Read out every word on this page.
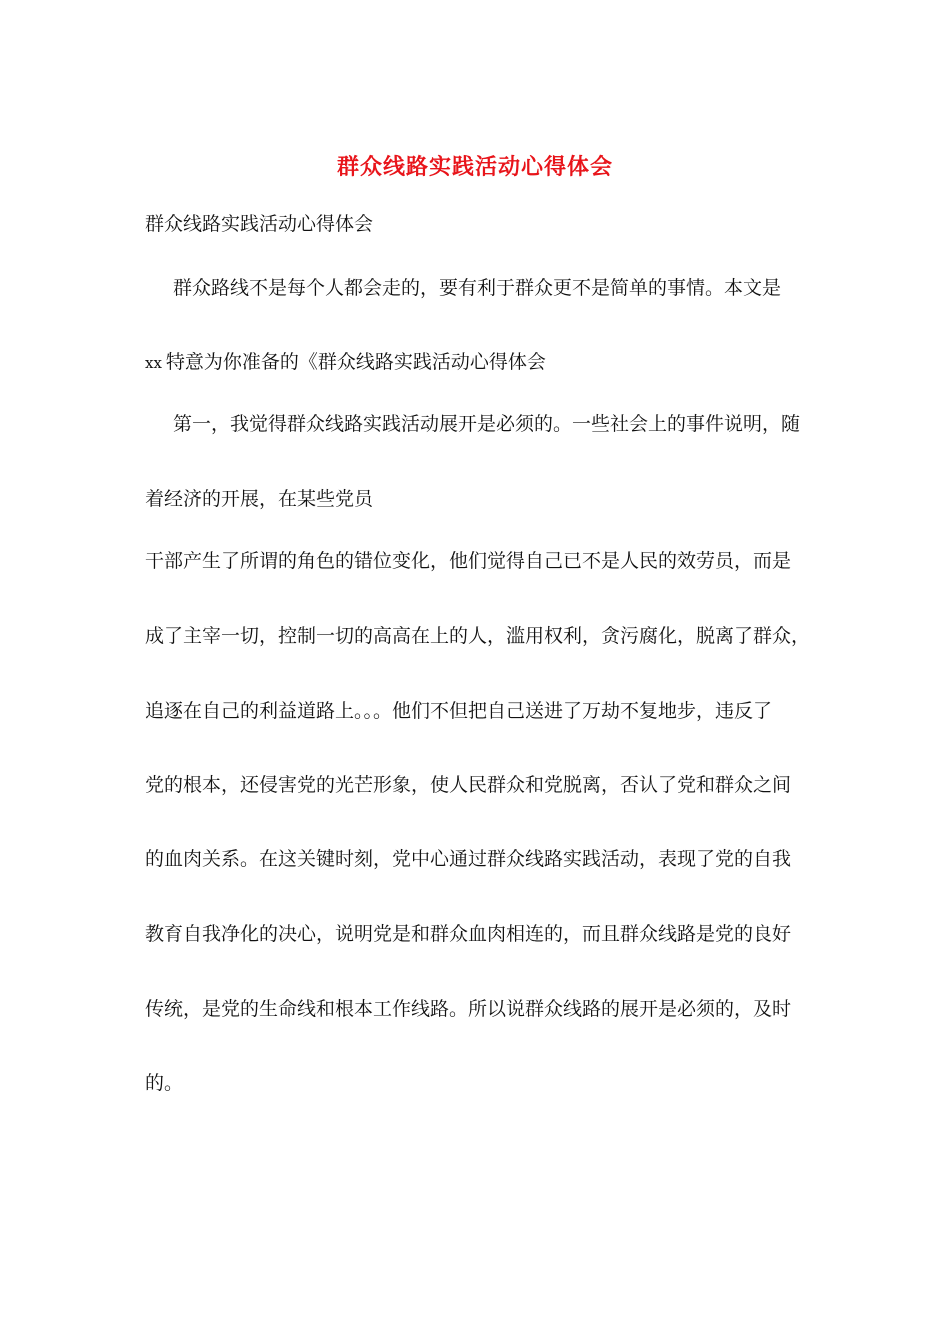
群众线路实践活动心得体会
群众线路实践活动心得体会
群众路线不是每个人都会走的，要有利于群众更不是简单的事情。本文是
xx 特意为你准备的《群众线路实践活动心得体会
第一，我觉得群众线路实践活动展开是必须的。一些社会上的事件说明，随
着经济的开展，在某些党员
干部产生了所谓的角色的错位变化，他们觉得自己已不是人民的效劳员，而是
成了主宰一切，控制一切的高高在上的人，滥用权利，贪污腐化，脱离了群众，
追逐在自己的利益道路上。。。他们不但把自己送进了万劫不复地步，违反了
党的根本，还侵害党的光芒形象，使人民群众和党脱离，否认了党和群众之间
的血肉关系。在这关键时刻，党中心通过群众线路实践活动，表现了党的自我
教育自我净化的决心，说明党是和群众血肉相连的，而且群众线路是党的良好
传统，是党的生命线和根本工作线路。所以说群众线路的展开是必须的，及时
的。
